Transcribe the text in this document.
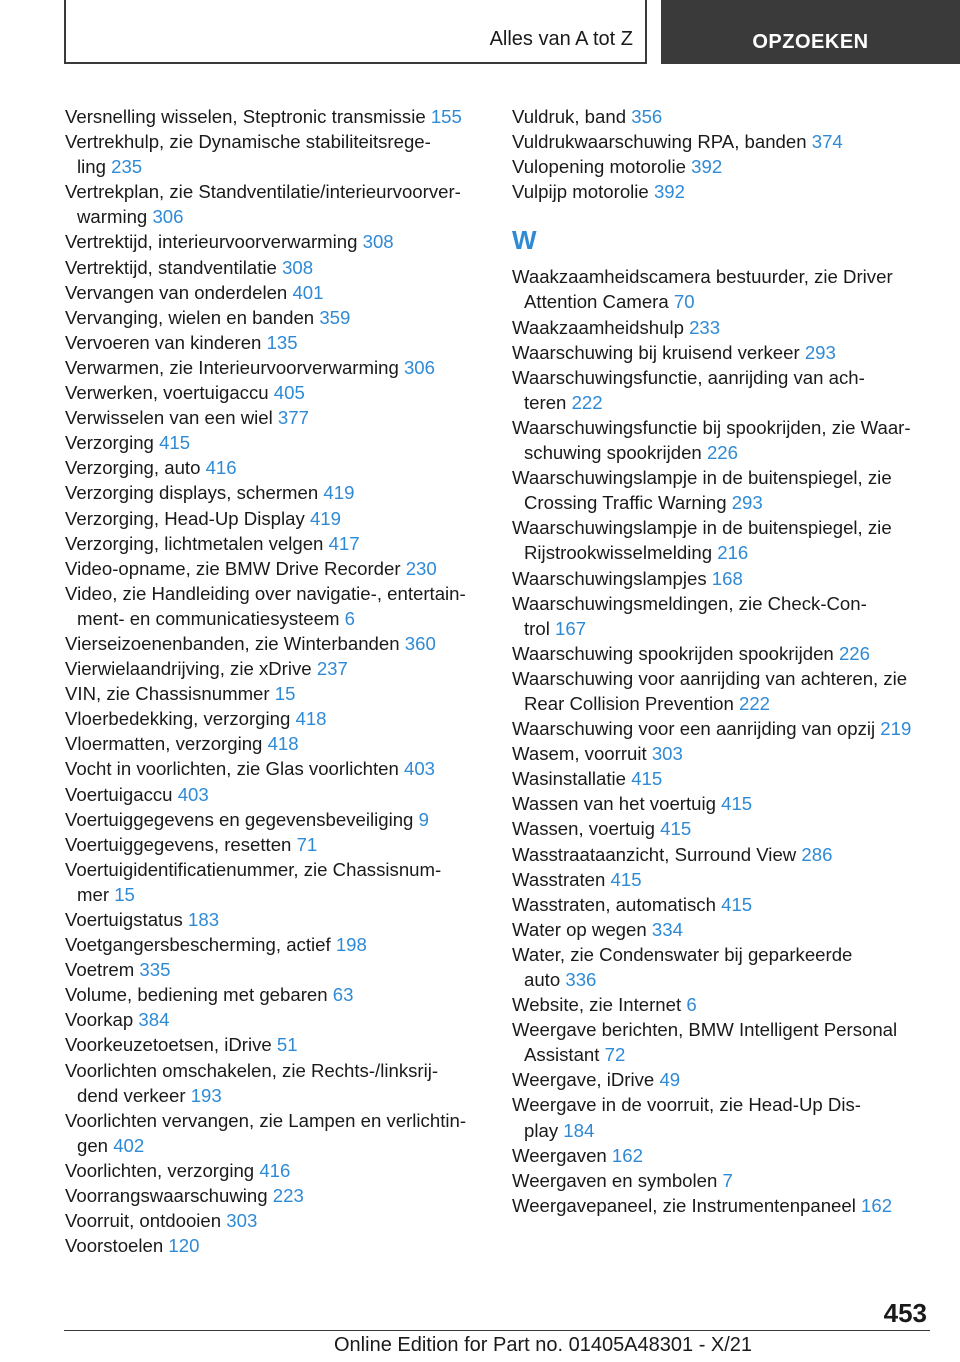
Alles van A tot Z	OPZOEKEN
Versnelling wisselen, Steptronic transmissie 155
Vertrekhulp, zie Dynamische stabiliteitsrege-
ling 235
Vertrekplan, zie Standventilatie/interieurvoorver-
warming 306
Vertrektijd, interieurvoorverwarming 308
Vertrektijd, standventilatie 308
Vervangen van onderdelen 401
Vervanging, wielen en banden 359
Vervoeren van kinderen 135
Verwarmen, zie Interieurvoorverwarming 306
Verwerken, voertuigaccu 405
Verwisselen van een wiel 377
Verzorging 415
Verzorging, auto 416
Verzorging displays, schermen 419
Verzorging, Head-Up Display 419
Verzorging, lichtmetalen velgen 417
Video-opname, zie BMW Drive Recorder 230
Video, zie Handleiding over navigatie-, entertain-
ment- en communicatiesysteem 6
Vierseizoenenbanden, zie Winterbanden 360
Vierwielaandrijving, zie xDrive 237
VIN, zie Chassisnummer 15
Vloerbedekking, verzorging 418
Vloermatten, verzorging 418
Vocht in voorlichten, zie Glas voorlichten 403
Voertuigaccu 403
Voertuiggegevens en gegevensbeveiliging 9
Voertuiggegevens, resetten 71
Voertuigidentificatienummer, zie Chassisnum-
mer 15
Voertuigstatus 183
Voetgangersbescherming, actief 198
Voetrem 335
Volume, bediening met gebaren 63
Voorkap 384
Voorkeuzetoetsen, iDrive 51
Voorlichten omschakelen, zie Rechts-/linksrij-
dend verkeer 193
Voorlichten vervangen, zie Lampen en verlichtin-
gen 402
Voorlichten, verzorging 416
Voorrangswaarschuwing 223
Voorruit, ontdooien 303
Voorstoelen 120
Vuldruk, band 356
Vuldrukwaarschuwing RPA, banden 374
Vulopening motorolie 392
Vulpijp motorolie 392
W
Waakzaamheidscamera bestuurder, zie Driver
Attention Camera 70
Waakzaamheidshulp 233
Waarschuwing bij kruisend verkeer 293
Waarschuwingsfunctie, aanrijding van ach-
teren 222
Waarschuwingsfunctie bij spookrijden, zie Waar-
schuwing spookrijden 226
Waarschuwingslampje in de buitenspiegel, zie
Crossing Traffic Warning 293
Waarschuwingslampje in de buitenspiegel, zie
Rijstrookwisselmelding 216
Waarschuwingslampjes 168
Waarschuwingsmeldingen, zie Check-Con-
trol 167
Waarschuwing spookrijden spookrijden 226
Waarschuwing voor aanrijding van achteren, zie
Rear Collision Prevention 222
Waarschuwing voor een aanrijding van opzij 219
Wasem, voorruit 303
Wasinstallatie 415
Wassen van het voertuig 415
Wassen, voertuig 415
Wasstraataanzicht, Surround View 286
Wasstraten 415
Wasstraten, automatisch 415
Water op wegen 334
Water, zie Condenswater bij geparkeerde
auto 336
Website, zie Internet 6
Weergave berichten, BMW Intelligent Personal
Assistant 72
Weergave, iDrive 49
Weergave in de voorruit, zie Head-Up Dis-
play 184
Weergaven 162
Weergaven en symbolen 7
Weergavepaneel, zie Instrumentenpaneel 162
453
Online Edition for Part no. 01405A48301 - X/21
